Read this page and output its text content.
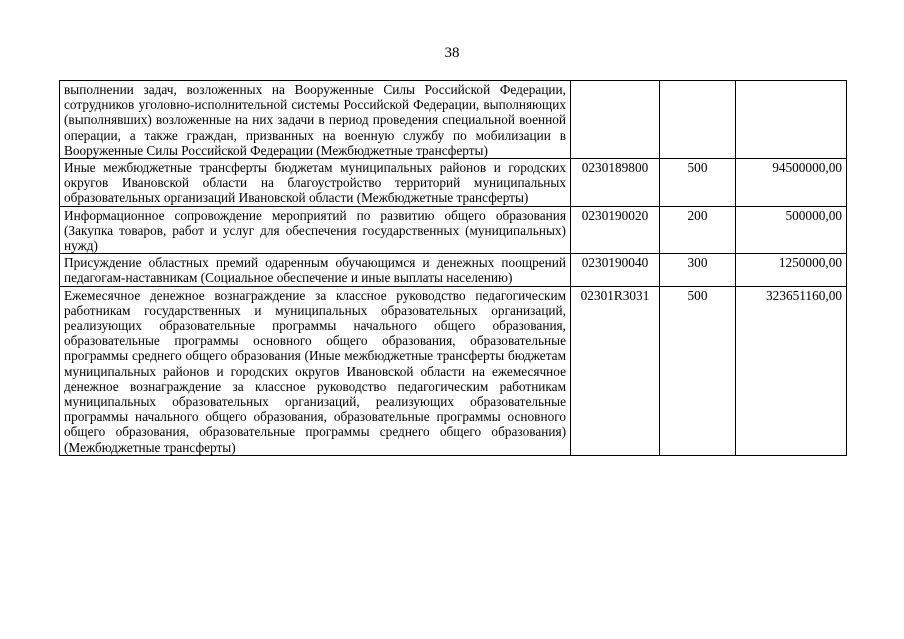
38
выполнении задач, возложенных на Вооруженные Силы Российской Федерации, сотрудников уголовно-исполнительной системы Российской Федерации, выполняющих (выполнявших) возложенные на них задачи в период проведения специальной военной операции, а также граждан, призванных на военную службу по мобилизации в Вооруженные Силы Российской Федерации (Межбюджетные трансферты)			
Иные межбюджетные трансферты бюджетам муниципальных районов и городских округов Ивановской области на благоустройство территорий муниципальных образовательных организаций Ивановской области (Межбюджетные трансферты)	0230189800	500	94500000,00
Информационное сопровождение мероприятий по развитию общего образования (Закупка товаров, работ и услуг для обеспечения государственных (муниципальных) нужд)	0230190020	200	500000,00
Присуждение областных премий одаренным обучающимся и денежных поощрений педагогам-наставникам (Социальное обеспечение и иные выплаты населению)	0230190040	300	1250000,00
Ежемесячное денежное вознаграждение за классное руководство педагогическим работникам государственных и муниципальных образовательных организаций, реализующих образовательные программы начального общего образования, образовательные программы основного общего образования, образовательные программы среднего общего образования (Иные межбюджетные трансферты бюджетам муниципальных районов и городских округов Ивановской области на ежемесячное денежное вознаграждение за классное руководство педагогическим работникам муниципальных образовательных организаций, реализующих образовательные программы начального общего образования, образовательные программы основного общего образования, образовательные программы среднего общего образования) (Межбюджетные трансферты)	02301R3031	500	323651160,00
